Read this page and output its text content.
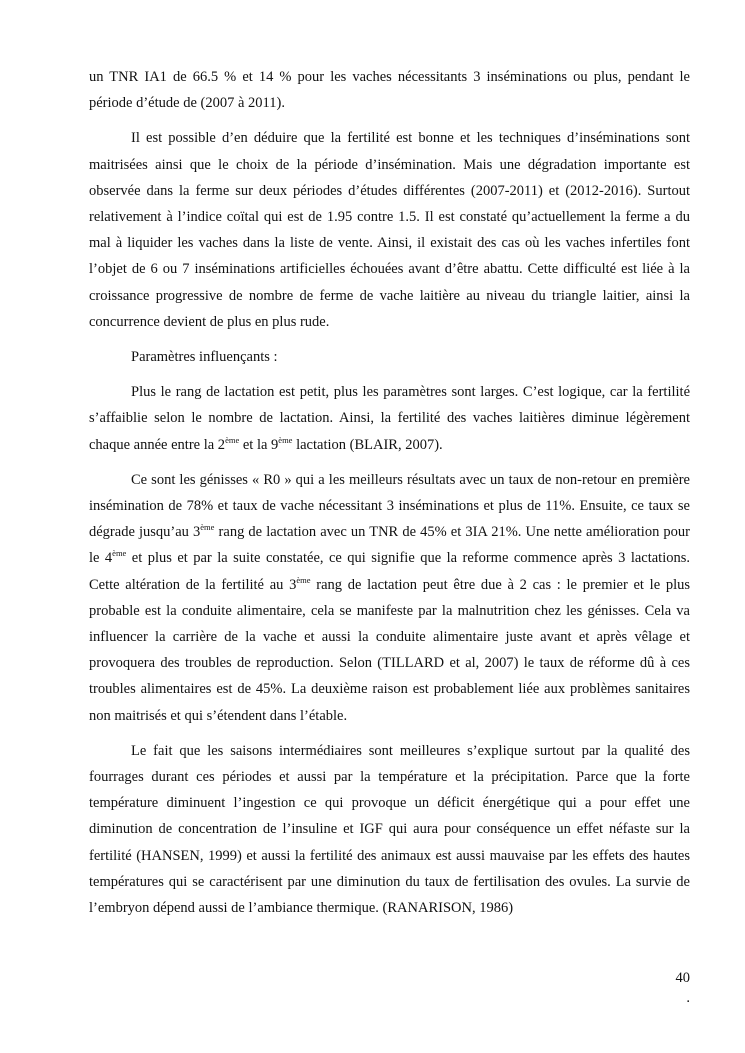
un TNR IA1 de 66.5 % et 14 % pour les vaches nécessitants 3 inséminations ou plus, pendant le période d’étude de (2007 à 2011).

Il est possible d’en déduire que la fertilité est bonne et les techniques d’inséminations sont maitrisées ainsi que le choix de la période d’insémination. Mais une dégradation importante est observée dans la ferme sur deux périodes d’études différentes (2007-2011) et (2012-2016). Surtout relativement à l’indice coïtal qui est de 1.95 contre 1.5. Il est constaté qu’actuellement la ferme a du mal à liquider les vaches dans la liste de vente. Ainsi, il existait des cas où les vaches infertiles font l’objet de 6 ou 7 inséminations artificielles échouées avant d’être abattu. Cette difficulté est liée à la croissance progressive de nombre de ferme de vache laitière au niveau du triangle laitier, ainsi la concurrence devient de plus en plus rude.

Paramètres influençants :

Plus le rang de lactation est petit, plus les paramètres sont larges. C’est logique, car la fertilité s’affaiblie selon le nombre de lactation. Ainsi, la fertilité des vaches laitières diminue légèrement chaque année entre la 2ème et la 9ème lactation (BLAIR, 2007).

Ce sont les génisses « R0 » qui a les meilleurs résultats avec un taux de non-retour en première insémination de 78% et taux de vache nécessitant 3 inséminations et plus de 11%. Ensuite, ce taux se dégrade jusqu’au 3ème rang de lactation avec un TNR de 45% et 3IA 21%. Une nette amélioration pour le 4ème et plus et par la suite constatée, ce qui signifie que la reforme commence après 3 lactations. Cette altération de la fertilité au 3ème rang de lactation peut être due à 2 cas : le premier et le plus probable est la conduite alimentaire, cela se manifeste par la malnutrition chez les génisses. Cela va influencer la carrière de la vache et aussi la conduite alimentaire juste avant et après vêlage et provoquera des troubles de reproduction. Selon (TILLARD et al, 2007) le taux de réforme dû à ces troubles alimentaires est de 45%. La deuxième raison est probablement liée aux problèmes sanitaires non maitrisés et qui s’étendent dans l’étable.

Le fait que les saisons intermédiaires sont meilleures s’explique surtout par la qualité des fourrages durant ces périodes et aussi par la température et la précipitation. Parce que la forte température diminuent l’ingestion ce qui provoque un déficit énergétique qui a pour effet une diminution de concentration de l’insuline et IGF qui aura pour conséquence un effet néfaste sur la fertilité (HANSEN, 1999) et aussi la fertilité des animaux est aussi mauvaise par les effets des hautes températures qui se caractérisent par une diminution du taux de fertilisation des ovules. La survie de l’embryon dépend aussi de l’ambiance thermique. (RANARISON, 1986)

40
.
